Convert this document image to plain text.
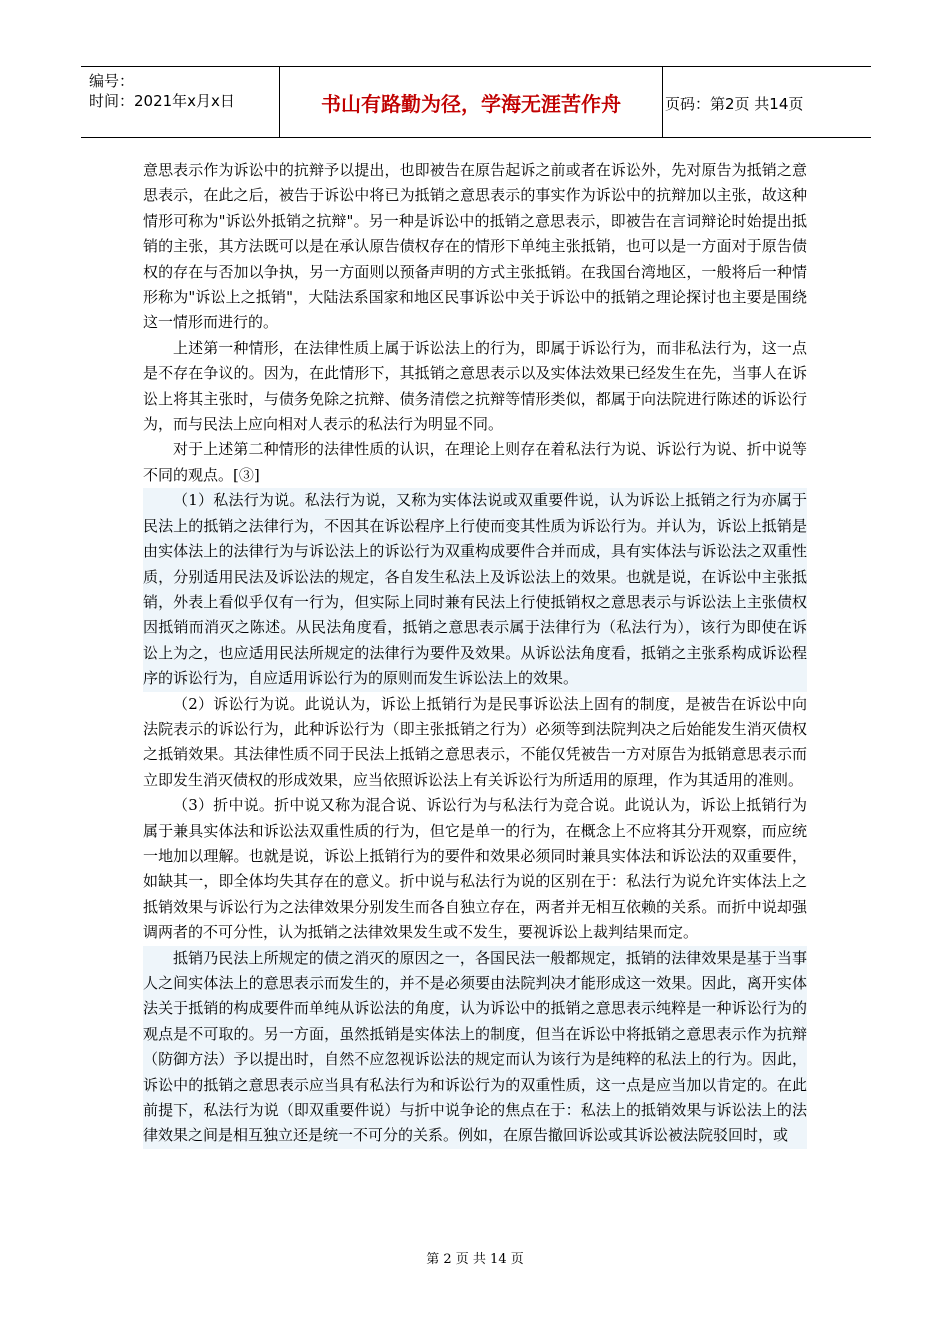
编号：
时间：2021年x月x日	书山有路勤为径，学海无涯苦作舟	页码：第2页 共14页

意思表示作为诉讼中的抗辩予以提出，也即被告在原告起诉之前或者在诉讼外，先对原告为抵销之意思表示，在此之后，被告于诉讼中将已为抵销之意思表示的事实作为诉讼中的抗辩加以主张，故这种情形可称为"诉讼外抵销之抗辩"。另一种是诉讼中的抵销之意思表示，即被告在言词辩论时始提出抵销的主张，其方法既可以是在承认原告债权存在的情形下单纯主张抵销，也可以是一方面对于原告债权的存在与否加以争执，另一方面则以预备声明的方式主张抵销。在我国台湾地区，一般将后一种情形称为"诉讼上之抵销"，大陆法系国家和地区民事诉讼中关于诉讼中的抵销之理论探讨也主要是围绕这一情形而进行的。

上述第一种情形，在法律性质上属于诉讼法上的行为，即属于诉讼行为，而非私法行为，这一点是不存在争议的。因为，在此情形下，其抵销之意思表示以及实体法效果已经发生在先，当事人在诉讼上将其主张时，与债务免除之抗辩、债务清偿之抗辩等情形类似，都属于向法院进行陈述的诉讼行为，而与民法上应向相对人表示的私法行为明显不同。

对于上述第二种情形的法律性质的认识，在理论上则存在着私法行为说、诉讼行为说、折中说等不同的观点。[③]

（1）私法行为说。私法行为说，又称为实体法说或双重要件说，认为诉讼上抵销之行为亦属于民法上的抵销之法律行为，不因其在诉讼程序上行使而变其性质为诉讼行为。并认为，诉讼上抵销是由实体法上的法律行为与诉讼法上的诉讼行为双重构成要件合并而成，具有实体法与诉讼法之双重性质，分别适用民法及诉讼法的规定，各自发生私法上及诉讼法上的效果。也就是说，在诉讼中主张抵销，外表上看似乎仅有一行为，但实际上同时兼有民法上行使抵销权之意思表示与诉讼法上主张债权因抵销而消灭之陈述。从民法角度看，抵销之意思表示属于法律行为（私法行为），该行为即使在诉讼上为之，也应适用民法所规定的法律行为要件及效果。从诉讼法角度看，抵销之主张系构成诉讼程序的诉讼行为，自应适用诉讼行为的原则而发生诉讼法上的效果。

（2）诉讼行为说。此说认为，诉讼上抵销行为是民事诉讼法上固有的制度，是被告在诉讼中向法院表示的诉讼行为，此种诉讼行为（即主张抵销之行为）必须等到法院判决之后始能发生消灭债权之抵销效果。其法律性质不同于民法上抵销之意思表示，不能仅凭被告一方对原告为抵销意思表示而立即发生消灭债权的形成效果，应当依照诉讼法上有关诉讼行为所适用的原理，作为其适用的准则。

（3）折中说。折中说又称为混合说、诉讼行为与私法行为竞合说。此说认为，诉讼上抵销行为属于兼具实体法和诉讼法双重性质的行为，但它是单一的行为，在概念上不应将其分开观察，而应统一地加以理解。也就是说，诉讼上抵销行为的要件和效果必须同时兼具实体法和诉讼法的双重要件，如缺其一，即全体均失其存在的意义。折中说与私法行为说的区别在于：私法行为说允许实体法上之抵销效果与诉讼行为之法律效果分别发生而各自独立存在，两者并无相互依赖的关系。而折中说却强调两者的不可分性，认为抵销之法律效果发生或不发生，要视诉讼上裁判结果而定。

抵销乃民法上所规定的债之消灭的原因之一，各国民法一般都规定，抵销的法律效果是基于当事人之间实体法上的意思表示而发生的，并不是必须要由法院判决才能形成这一效果。因此，离开实体法关于抵销的构成要件而单纯从诉讼法的角度，认为诉讼中的抵销之意思表示纯粹是一种诉讼行为的观点是不可取的。另一方面，虽然抵销是实体法上的制度，但当在诉讼中将抵销之意思表示作为抗辩（防御方法）予以提出时，自然不应忽视诉讼法的规定而认为该行为是纯粹的私法上的行为。因此，诉讼中的抵销之意思表示应当具有私法行为和诉讼行为的双重性质，这一点是应当加以肯定的。在此前提下，私法行为说（即双重要件说）与折中说争论的焦点在于：私法上的抵销效果与诉讼法上的法律效果之间是相互独立还是统一不可分的关系。例如，在原告撤回诉讼或其诉讼被法院驳回时，或

第 2 页 共 14 页
